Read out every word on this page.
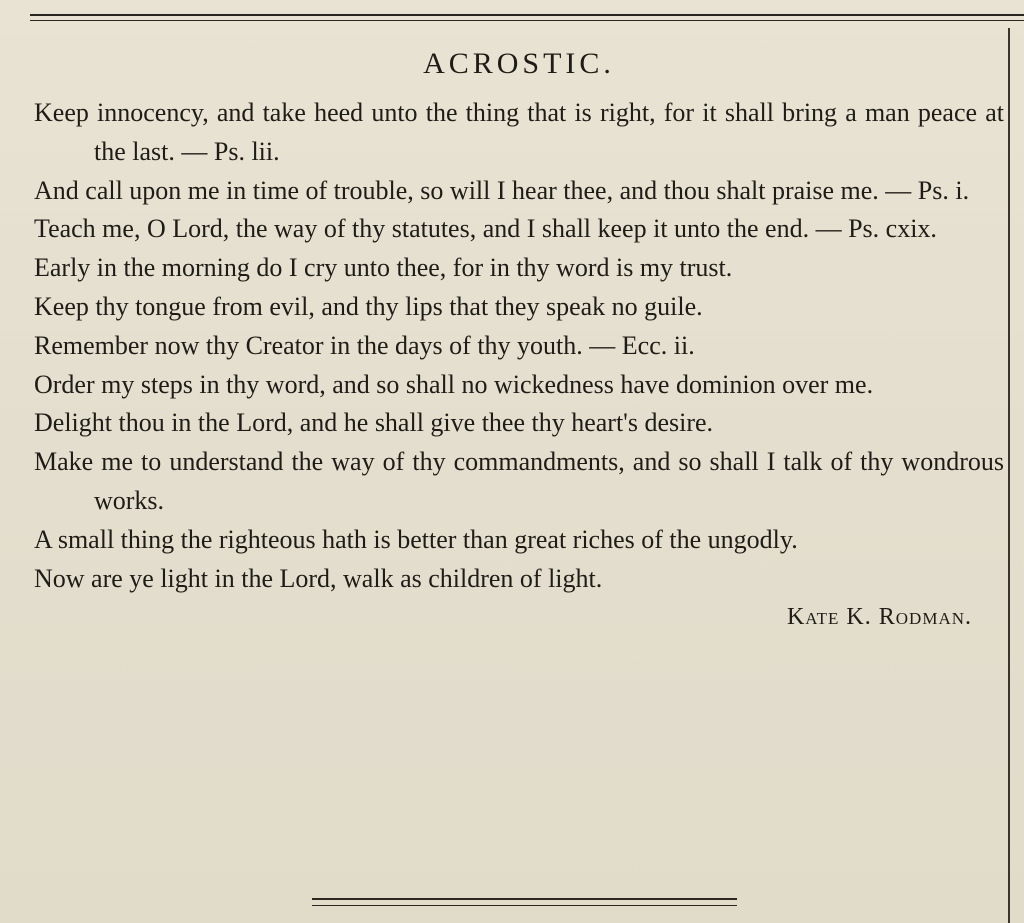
ACROSTIC.

Keep innocency, and take heed unto the thing that is right, for it shall bring a man peace at the last. — Ps. lii.

And call upon me in time of trouble, so will I hear thee, and thou shalt praise me. — Ps. i.

Teach me, O Lord, the way of thy statutes, and I shall keep it unto the end. — Ps. cxix.

Early in the morning do I cry unto thee, for in thy word is my trust.

Keep thy tongue from evil, and thy lips that they speak no guile.

Remember now thy Creator in the days of thy youth. — Ecc. ii.

Order my steps in thy word, and so shall no wickedness have dominion over me.

Delight thou in the Lord, and he shall give thee thy heart's desire.

Make me to understand the way of thy commandments, and so shall I talk of thy wondrous works.

A small thing the righteous hath is better than great riches of the ungodly.

Now are ye light in the Lord, walk as children of light.

Kate K. Rodman.
